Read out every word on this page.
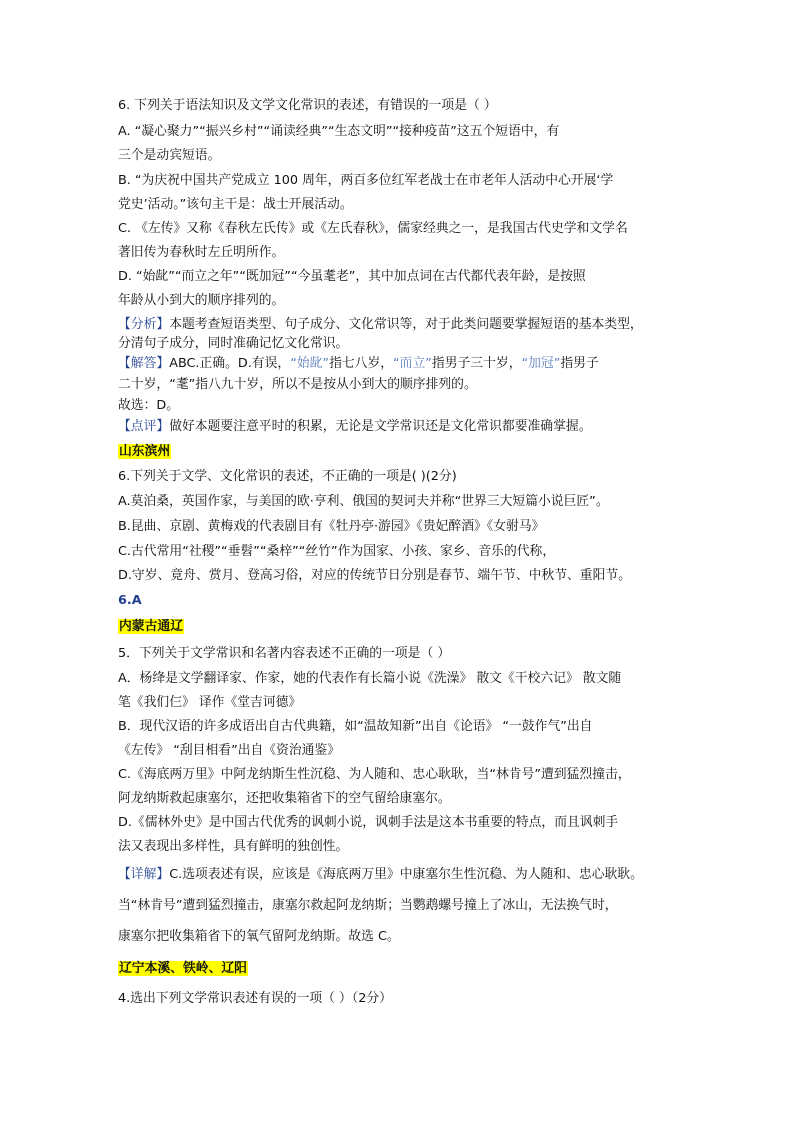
6. 下列关于语法知识及文学文化常识的表述，有错误的一项是（ ）
A. “凝心聚力”“振兴乡村”“诵读经典”“生态文明”“接种疫苗”这五个短语中，有
三个是动宾短语。
B. “为庆祝中国共产党成立 100 周年，两百多位红军老战士在市老年人活动中心开展‘学
党史’活动。”该句主干是：战士开展活动。
C. 《左传》又称《春秋左氏传》或《左氏春秋》，儒家经典之一，是我国古代史学和文学名
著旧传为春秋时左丘明所作。
D. “始龀”“而立之年”“既加冠”“今虽耄老”，其中加点词在古代都代表年龄，是按照
年龄从小到大的顺序排列的。
【分析】本题考查短语类型、句子成分、文化常识等，对于此类问题要掌握短语的基本类型，
分清句子成分，同时准确记忆文化常识。
【解答】ABC.正确。D.有误，“始龀”指七八岁，“而立”指男子三十岁，“加冠”指男子
二十岁，“耄”指八九十岁，所以不是按从小到大的顺序排列的。
故选：D。
【点评】做好本题要注意平时的积累，无论是文学常识还是文化常识都要准确掌握。
山东滨州
6.下列关于文学、文化常识的表述，不正确的一项是( )(2分)
A.莫泊桑，英国作家，与美国的欧·亨利、俄国的契诃夫并称“世界三大短篇小说巨匠”。
B.昆曲、京剧、黄梅戏的代表剧目有《牡丹亭·游园》《贵妃醉酒》《女驸马》
C.古代常用“社稷”“垂髫”“桑梓”“丝竹”作为国家、小孩、家乡、音乐的代称，
D.守岁、竟舟、赏月、登高习俗，对应的传统节日分别是春节、端午节、中秋节、重阳节。
6.A
内蒙古通辽
5．下列关于文学常识和名著内容表述不正确的一项是（ ）
A．杨绛是文学翻译家、作家，她的代表作有长篇小说《洗澡》 散文《干校六记》 散文随
笔《我们仨》 译作《堂吉诃德》
B．现代汉语的许多成语出自古代典籍，如“温故知新”出自《论语》 “一鼓作气”出自
《左传》 “刮目相看”出自《资治通鉴》
C.《海底两万里》中阿龙纳斯生性沉稳、为人随和、忠心耿耿，当“林肯号”遭到猛烈撞击，
阿龙纳斯救起康塞尔，还把收集箱省下的空气留给康塞尔。
D.《儒林外史》是中国古代优秀的讽刺小说，讽刺手法是这本书重要的特点，而且讽刺手
法又表现出多样性，具有鲜明的独创性。
【详解】C.选项表述有误，应该是《海底两万里》中康塞尔生性沉稳、为人随和、忠心耿耿。
当“林肯号”遭到猛烈撞击，康塞尔救起阿龙纳斯；当鹦鹉螺号撞上了冰山，无法换气时，
康塞尔把收集箱省下的氧气留阿龙纳斯。故选 C。
辽宁本溪、铁岭、辽阳
4.选出下列文学常识表述有误的一项（ ）（2分）
